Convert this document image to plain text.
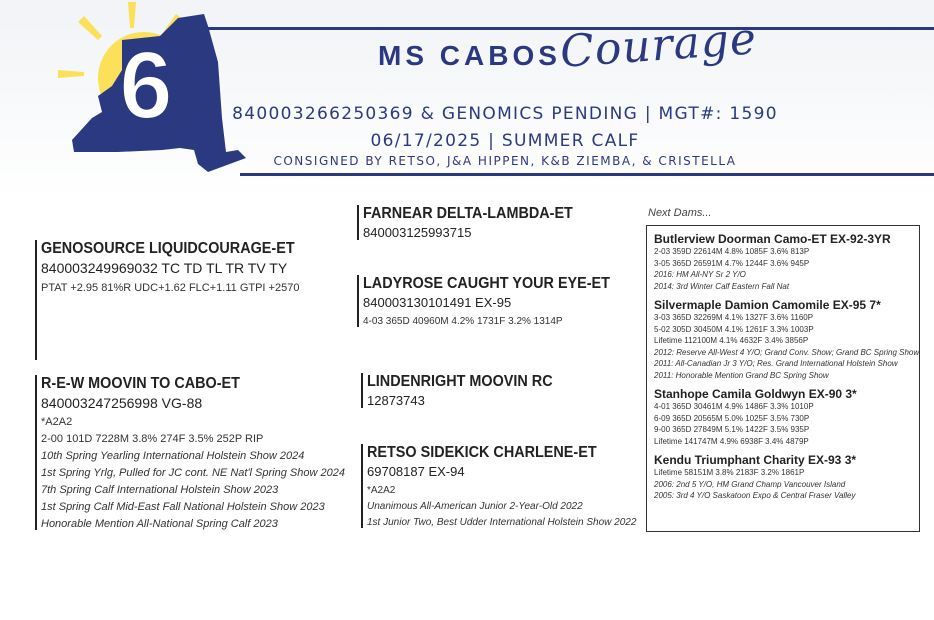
6	MS CABOS
Courage
840003266250369 & GENOMICS PENDING | MGT#: 1590
06/17/2025 | SUMMER CALF
CONSIGNED BY RETSO, J&A HIPPEN, K&B ZIEMBA, & CRISTELLA
GENOSOURCE LIQUIDCOURAGE-ET
840003249969032 TC TD TL TR TV TY
PTAT +2.95 81%R UDC+1.62 FLC+1.11 GTPI +2570
R-E-W MOOVIN TO CABO-ET
840003247256998 VG-88
*A2A2
2-00 101D 7228M 3.8% 274F 3.5% 252P RIP
10th Spring Yearling International Holstein Show 2024
1st Spring Yrlg, Pulled for JC cont. NE Nat'l Spring Show 2024
7th Spring Calf International Holstein Show 2023
1st Spring Calf Mid-East Fall National Holstein Show 2023
Honorable Mention All-National Spring Calf 2023
FARNEAR DELTA-LAMBDA-ET
840003125993715
LADYROSE CAUGHT YOUR EYE-ET
840003130101491 EX-95
4-03 365D 40960M 4.2% 1731F 3.2% 1314P
LINDENRIGHT MOOVIN RC
12873743
RETSO SIDEKICK CHARLENE-ET
69708187 EX-94
*A2A2
Unanimous All-American Junior 2-Year-Old 2022
1st Junior Two, Best Udder International Holstein Show 2022
Next Dams...
Butlerview Doorman Camo-ET EX-92-3YR
2-03 359D 22614M 4.8% 1085F 3.6% 813P
3-05 365D 26591M 4.7% 1244F 3.6% 945P
2016: HM All-NY Sr 2 Y/O
2014: 3rd Winter Calf Eastern Fall Nat
Silvermaple Damion Camomile EX-95 7*
3-03 365D 32269M 4.1% 1327F 3.6% 1160P
5-02 305D 30450M 4.1% 1261F 3.3% 1003P
Lifetime 112100M 4.1% 4632F 3.4% 3856P
2012: Reserve All-West 4 Y/O; Grand Conv. Show; Grand BC Spring Show
2011: All-Canadian Jr 3 Y/O; Res. Grand International Holstein Show
2011: Honorable Mention Grand BC Spring Show
Stanhope Camila Goldwyn EX-90 3*
4-01 365D 30461M 4.9% 1486F 3.3% 1010P
6-09 365D 20565M 5.0% 1025F 3.5% 730P
9-00 365D 27849M 5.1% 1422F 3.5% 935P
Lifetime 141747M 4.9% 6938F 3.4% 4879P
Kendu Triumphant Charity EX-93 3*
Lifetime 58151M 3.8% 2183F 3.2% 1861P
2006: 2nd 5 Y/O, HM Grand Champ Vancouver Island
2005: 3rd 4 Y/O Saskatoon Expo & Central Fraser Valley
